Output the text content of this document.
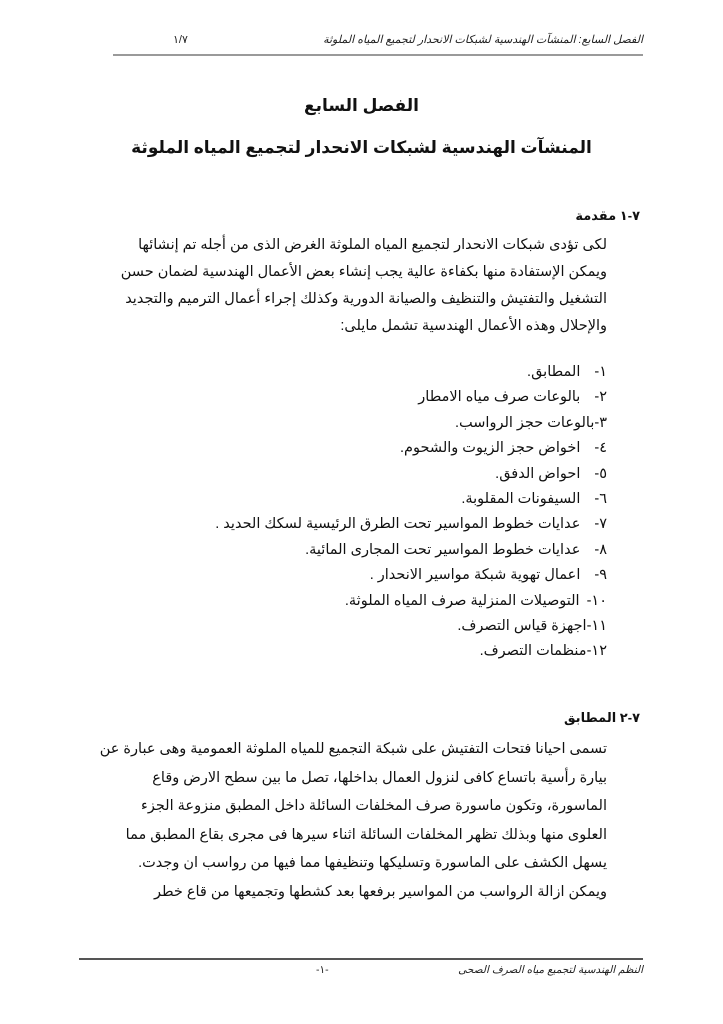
الفصل السابع: المنشآت الهندسية لشبكات الانحدار لتجميع المياه الملوثة
١/٧
الفصل السابع
المنشآت الهندسية لشبكات الانحدار لتجميع المياه الملوثة
٧-١ مقدمة
لكى تؤدى شبكات الانحدار لتجميع المياه الملوثة الغرض الذى من أجله تم إنشائها
ويمكن الإستفادة منها بكفاءة عالية يجب إنشاء بعض الأعمال الهندسية لضمان حسن
التشغيل والتفتيش والتنظيف والصيانة الدورية وكذلك إجراء أعمال الترميم والتجديد
والإحلال وهذه الأعمال الهندسية تشمل مايلى:
١-المطابق.
٢-بالوعات صرف مياه الامطار
٣-بالوعات حجز الرواسب.
٤-اخواض حجز الزيوت والشحوم.
٥-احواض الدفق.
٦-السيفونات المقلوبة.
٧-عدايات خطوط المواسير تحت الطرق الرئيسية لسكك الحديد .
٨-عدايات خطوط المواسير تحت المجارى المائية.
٩-اعمال تهوية شبكة مواسير الانحدار .
١٠-التوصيلات المنزلية صرف المياه الملوثة.
١١-اجهزة قياس التصرف.
١٢-منظمات التصرف.
٧-٢ المطابق
تسمى احيانا فتحات التفتيش على شبكة التجميع للمياه الملوثة العمومية وهى عبارة عن
بيارة رأسية باتساع كافى لنزول العمال بداخلها، تصل ما بين سطح الارض وقاع
الماسورة، وتكون ماسورة صرف المخلفات السائلة داخل المطبق منزوعة الجزء
العلوى منها وبذلك تظهر المخلفات السائلة اثناء سيرها فى مجرى بقاع المطبق مما
يسهل الكشف على الماسورة وتسليكها وتنظيفها مما فيها من رواسب ان وجدت.
ويمكن ازالة الرواسب من المواسير برفعها بعد كشطها وتجميعها من قاع خطر
النظم الهندسية لتجميع مياه الصرف الصحى
-١-
